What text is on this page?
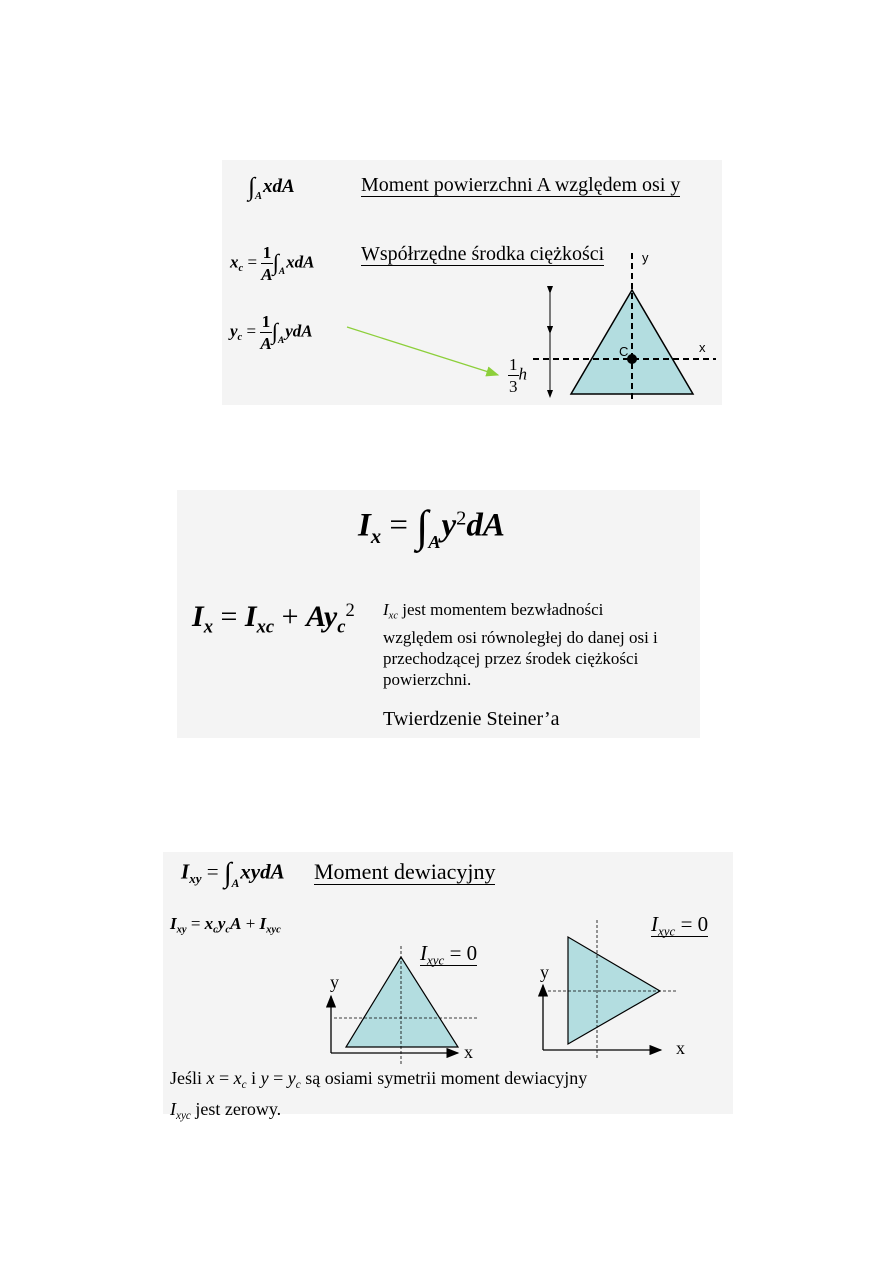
$\int_AxdA$	Moment powierzchni A względem osi y
$x_c = \frac{1}{A} \int_AxdA$ Współrzędne środka ciężkości
$y_c = \frac{1}{A} \int_AydA$
y
x
C
$\frac{1}{3}$ h
$I_x = \int_Ay^2dA$
$I_x = I_{xc} + Ay_c^2$ $I_{xc}$ jest momentem bezwładności
względem osi równoległej do danej osi i
przechodzącej przez środek ciężkości
powierzchni.
Twierdzenie Steiner’a
$I_{xy}$ = $\int_AxydA$ Moment dewiacyjny
$I_{xy} = x_cy_cA + I_{xyc}$
$I_{xyc} = 0$
$I_{xyc} = 0$
y
x
y
x
Jeśli $x = x_c$ i $y = y_c$ są osiami symetrii moment dewiacyjny
$I_{xyc}$ jest zerowy.
